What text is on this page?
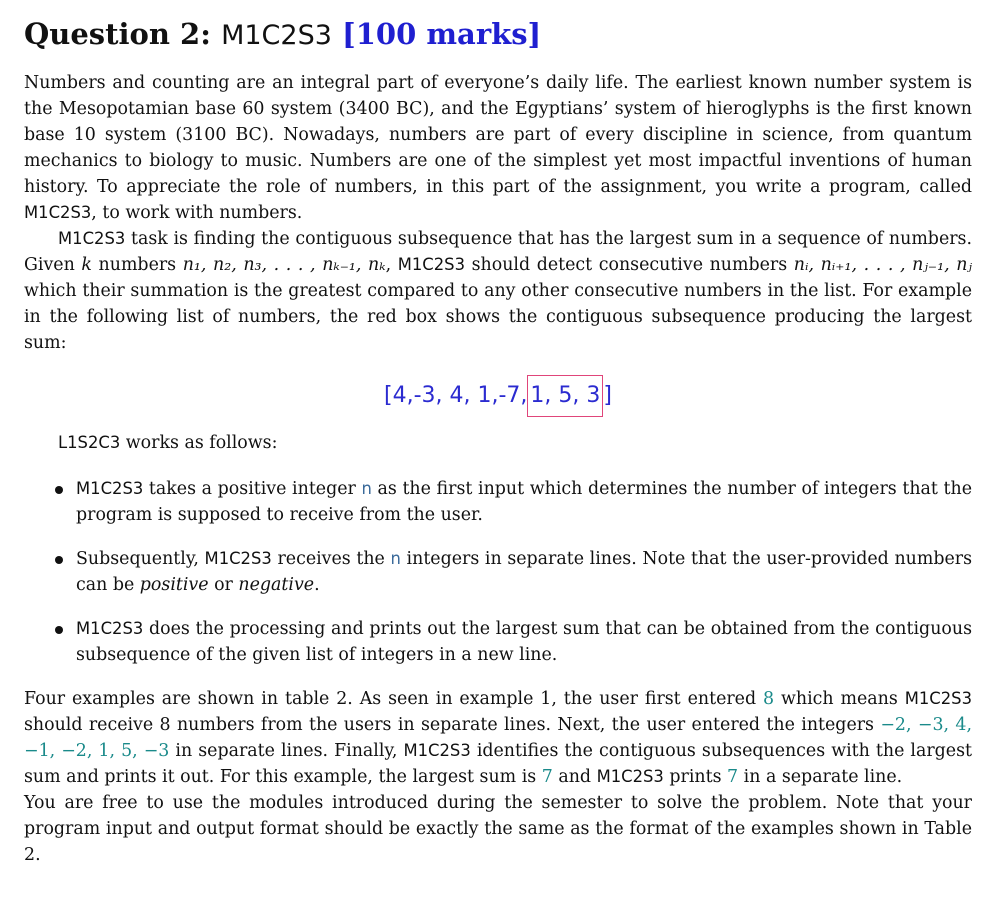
Question 2: M1C2S3 [100 marks]

Numbers and counting are an integral part of everyone’s daily life. The earliest known number system is the Mesopotamian base 60 system (3400 BC), and the Egyptians’ system of hieroglyphs is the first known base 10 system (3100 BC). Nowadays, numbers are part of every discipline in science, from quantum mechanics to biology to music. Numbers are one of the simplest yet most impactful inventions of human history. To appreciate the role of numbers, in this part of the assignment, you write a program, called M1C2S3, to work with numbers.

M1C2S3 task is finding the contiguous subsequence that has the largest sum in a sequence of numbers. Given k numbers n₁, n₂, n₃, . . . , nₖ₋₁, nₖ, M1C2S3 should detect consecutive numbers nᵢ, nᵢ₊₁, . . . , nⱼ₋₁, nⱼ which their summation is the greatest compared to any other consecutive numbers in the list. For example in the following list of numbers, the red box shows the contiguous subsequence producing the largest sum:

[4,-3, 4, 1,-7, 1, 5, 3 ]
L1S2C3 works as follows:
M1C2S3 takes a positive integer n as the first input which determines the number of integers that the program is supposed to receive from the user.
Subsequently, M1C2S3 receives the n integers in separate lines. Note that the user-provided numbers can be positive or negative.
M1C2S3 does the processing and prints out the largest sum that can be obtained from the contiguous subsequence of the given list of integers in a new line.

Four examples are shown in table 2. As seen in example 1, the user first entered 8 which means M1C2S3 should receive 8 numbers from the users in separate lines. Next, the user entered the integers −2, −3, 4, −1, −2, 1, 5, −3 in separate lines. Finally, M1C2S3 identifies the contiguous subsequences with the largest sum and prints it out. For this example, the largest sum is 7 and M1C2S3 prints 7 in a separate line.

You are free to use the modules introduced during the semester to solve the problem. Note that your program input and output format should be exactly the same as the format of the examples shown in Table 2.
